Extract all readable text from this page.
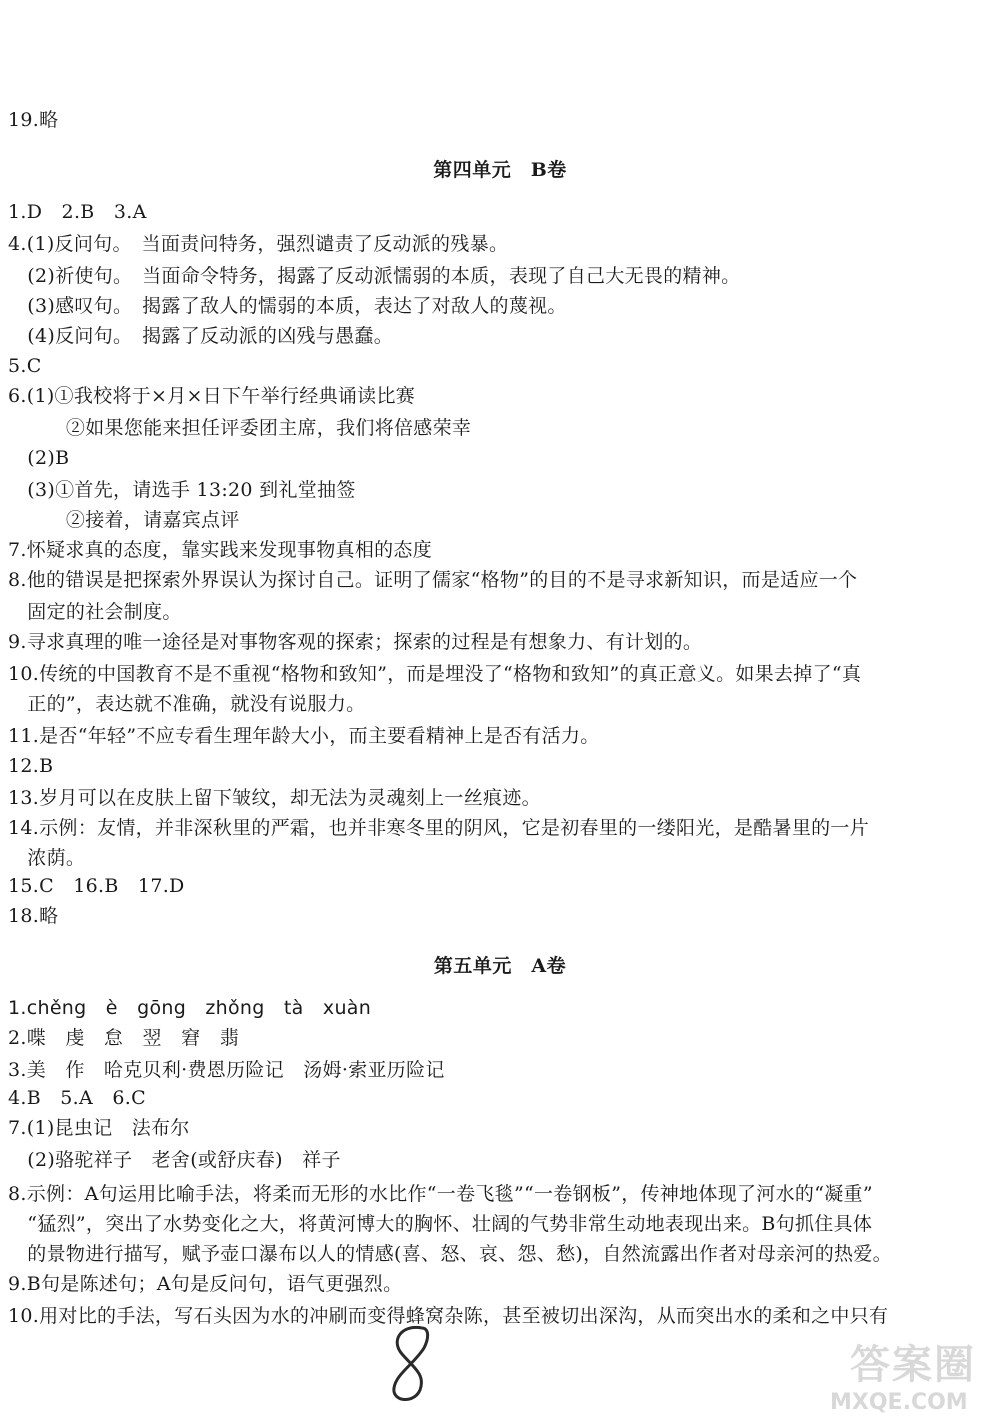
19.略
第四单元　B卷
1.D　2.B　3.A
4.(1)反问句。　当面责问特务，强烈谴责了反动派的残暴。
　(2)祈使句。　当面命令特务，揭露了反动派懦弱的本质，表现了自己大无畏的精神。
　(3)感叹句。　揭露了敌人的懦弱的本质，表达了对敌人的蔑视。
　(4)反问句。　揭露了反动派的凶残与愚蠢。
5.C
6.(1)①我校将于×月×日下午举行经典诵读比赛
　　　②如果您能来担任评委团主席，我们将倍感荣幸
　(2)B
　(3)①首先，请选手 13:20 到礼堂抽签
　　　②接着，请嘉宾点评
7.怀疑求真的态度，靠实践来发现事物真相的态度
8.他的错误是把探索外界误认为探讨自己。证明了儒家“格物”的目的不是寻求新知识，而是适应一个
　固定的社会制度。
9.寻求真理的唯一途径是对事物客观的探索；探索的过程是有想象力、有计划的。
10.传统的中国教育不是不重视“格物和致知”，而是埋没了“格物和致知”的真正意义。如果去掉了“真
　正的”，表达就不准确，就没有说服力。
11.是否“年轻”不应专看生理年龄大小，而主要看精神上是否有活力。
12.B
13.岁月可以在皮肤上留下皱纹，却无法为灵魂刻上一丝痕迹。
14.示例：友情，并非深秋里的严霜，也并非寒冬里的阴风，它是初春里的一缕阳光，是酷暑里的一片
　浓荫。
15.C　16.B　17.D
18.略
第五单元　A卷
1.chěng　è　gōng　zhǒng　tà　xuàn
2.喋　虔　怠　翌　窘　翡
3.美　作　哈克贝利·费恩历险记　汤姆·索亚历险记
4.B　5.A　6.C
7.(1)昆虫记　法布尔
　(2)骆驼祥子　老舍(或舒庆春)　祥子
8.示例：A句运用比喻手法，将柔而无形的水比作“一卷飞毯”“一卷钢板”，传神地体现了河水的“凝重”
　“猛烈”，突出了水势变化之大，将黄河博大的胸怀、壮阔的气势非常生动地表现出来。B句抓住具体
　的景物进行描写，赋予壶口瀑布以人的情感(喜、怒、哀、怨、愁)，自然流露出作者对母亲河的热爱。
9.B句是陈述句；A句是反问句，语气更强烈。
10.用对比的手法，写石头因为水的冲刷而变得蜂窝杂陈，甚至被切出深沟，从而突出水的柔和之中只有
答案圈
MXQE.COM
